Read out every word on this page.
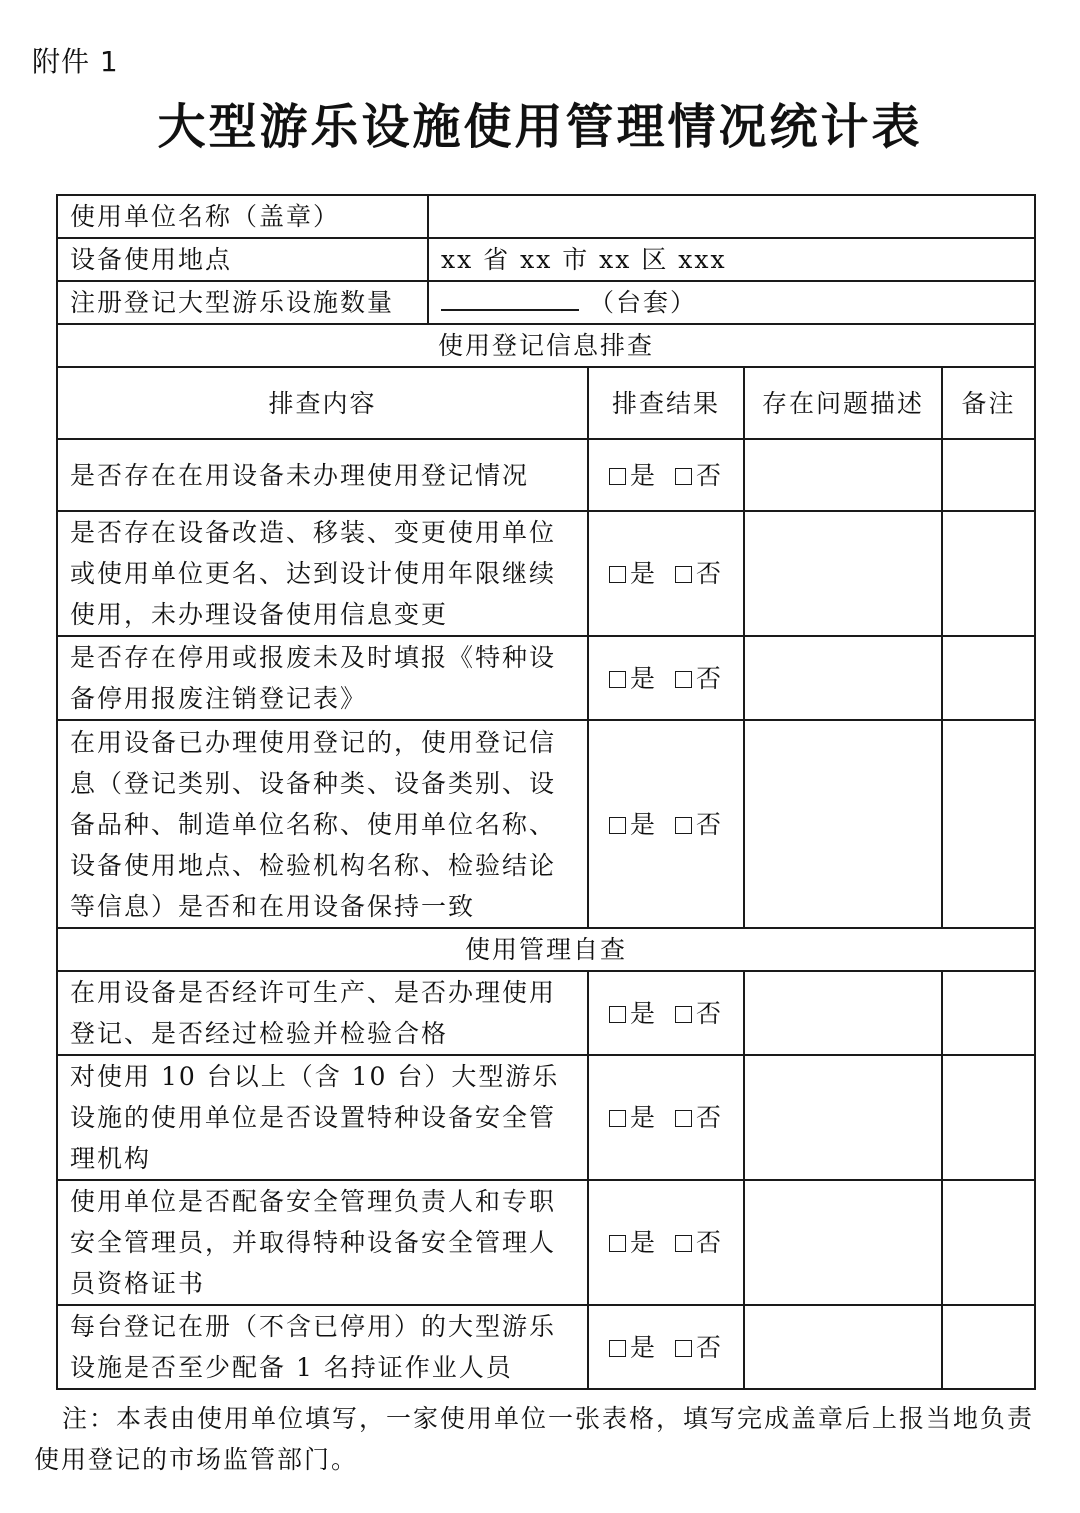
附件 1
大型游乐设施使用管理情况统计表
使用单位名称（盖章）				
设备使用地点	xx 省 xx 市 xx 区 xxx			
注册登记大型游乐设施数量	（台套）			
使用登记信息排查				
排查内容		排查结果	存在问题描述	备注
是否存在在用设备未办理使用登记情况		是 否		
是否存在设备改造、移装、变更使用单位或使用单位更名、达到设计使用年限继续使用，未办理设备使用信息变更		是 否		
是否存在停用或报废未及时填报《特种设备停用报废注销登记表》		是 否		
在用设备已办理使用登记的，使用登记信息（登记类别、设备种类、设备类别、设备品种、制造单位名称、使用单位名称、设备使用地点、检验机构名称、检验结论等信息）是否和在用设备保持一致		是 否		
使用管理自查				
在用设备是否经许可生产、是否办理使用登记、是否经过检验并检验合格		是 否		
对使用 10 台以上（含 10 台）大型游乐设施的使用单位是否设置特种设备安全管理机构		是 否		
使用单位是否配备安全管理负责人和专职安全管理员，并取得特种设备安全管理人员资格证书		是 否		
每台登记在册（不含已停用）的大型游乐设施是否至少配备 1 名持证作业人员		是 否		
注：本表由使用单位填写，一家使用单位一张表格，填写完成盖章后上报当地负责
使用登记的市场监管部门。
